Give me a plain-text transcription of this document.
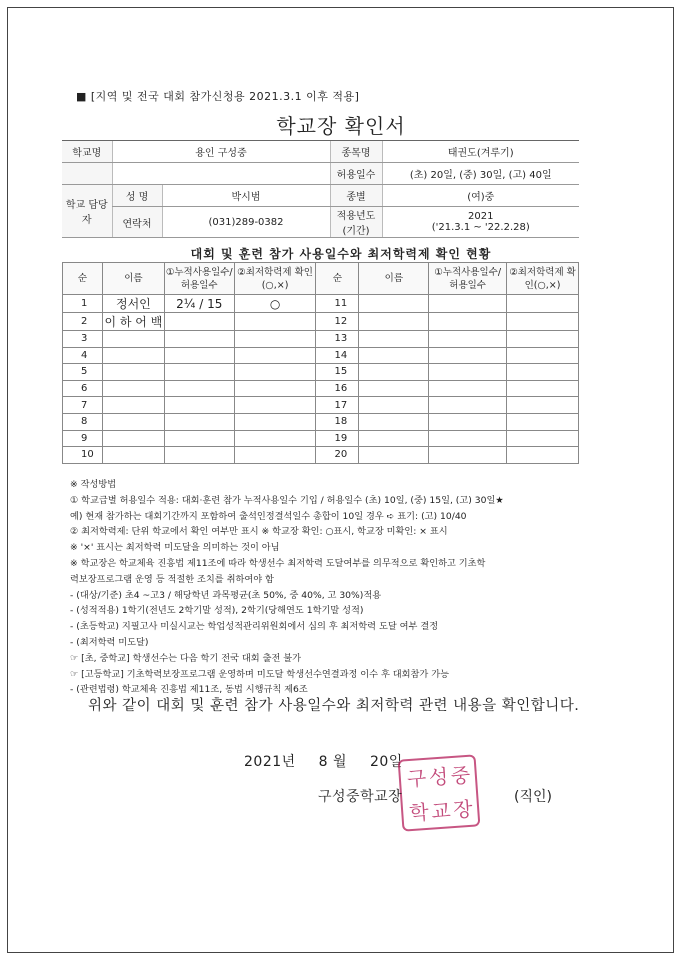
■ [지역 및 전국 대회 참가신청용 2021.3.1 이후 적용]
학교장 확인서
학교명	용인 구성중		종목명	태권도(겨루기)
			허용일수	(초) 20일, (중) 30일, (고) 40일
학교 담당자	성 명	박시범	종별	(여)중
	연락처	(031)289-0382	적용년도 (기간)	2021
('21.3.1 ~ '22.2.28)
대회 및 훈련 참가 사용일수와 최저학력제 확인 현황
순	이름	①누적사용일수/ 허용일수	②최저학력제 확인(○,×)	순	이름	①누적사용일수/ 허용일수	②최저학력제 확인(○,×)
1	정서인	2¼ / 15	○	11			
2	이 하 어 백			12			
3				13			
4				14			
5				15			
6				16			
7				17			
8				18			
9				19			
10				20			
※ 작성방법
① 학교급별 허용일수 적용: 대회·훈련 참가 누적사용일수 기입 / 허용일수 (초) 10일, (중) 15일, (고) 30일★
예) 현재 참가하는 대회기간까지 포함하여 출석인정결석일수 총합이 10일 경우 ➪ 표기: (고) 10/40
② 최저학력제: 단위 학교에서 확인 여부만 표시 ※ 학교장 확인: ○표시, 학교장 미확인: × 표시
※ '×' 표시는 최저학력 미도달을 의미하는 것이 아님
※ 학교장은 학교체육 진흥법 제11조에 따라 학생선수 최저학력 도달여부를 의무적으로 확인하고 기초학
력보장프로그램 운영 등 적절한 조치를 취하여야 함
- (대상/기준) 초4 ~고3 / 해당학년 과목평균(초 50%, 중 40%, 고 30%)적용
- (성적적용) 1학기(전년도 2학기말 성적), 2학기(당해연도 1학기말 성적)
- (초등학교) 지필고사 미실시교는 학업성적관리위원회에서 심의 후 최저학력 도달 여부 결정
- (최저학력 미도달)
☞ [초, 중학교] 학생선수는 다음 학기 전국 대회 출전 불가
☞ [고등학교] 기초학력보장프로그램 운영하며 미도달 학생선수연결과정 이수 후 대회참가 가능
- (관련법령) 학교체육 진흥법 제11조, 동법 시행규칙 제6조
위와 같이 대회 및 훈련 참가 사용일수와 최저학력 관련 내용을 확인합니다.
2021년 8 월 20일
구 성 중
학 교 장
구성중학교장	(직인)
